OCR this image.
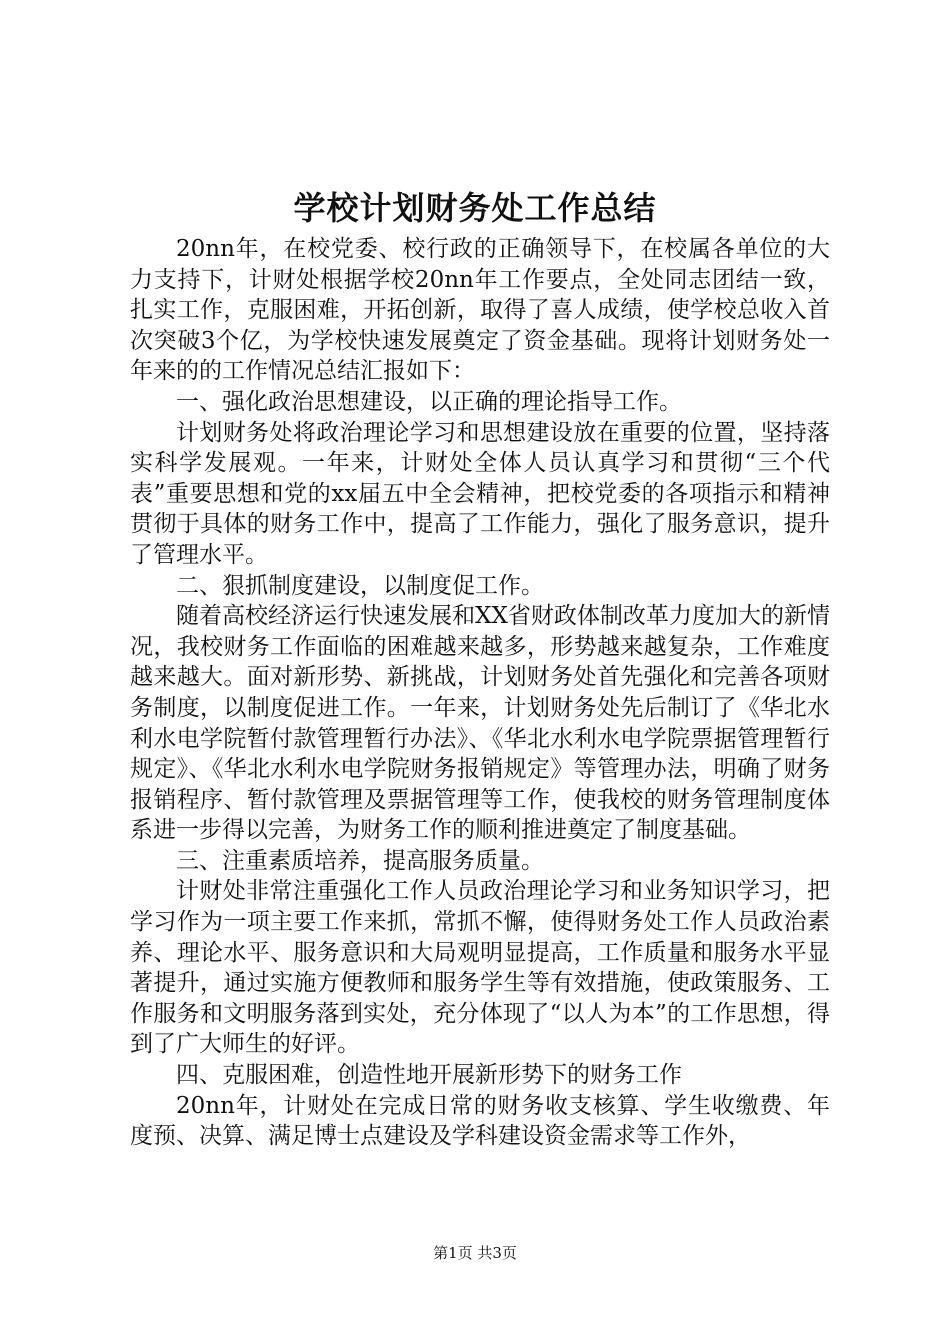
学校计划财务处工作总结

20nn年，在校党委、校行政的正确领导下，在校属各单位的大力支持下，计财处根据学校20nn年工作要点，全处同志团结一致，扎实工作，克服困难，开拓创新，取得了喜人成绩，使学校总收入首次突破3个亿，为学校快速发展奠定了资金基础。现将计划财务处一年来的的工作情况总结汇报如下：

一、强化政治思想建设，以正确的理论指导工作。

计划财务处将政治理论学习和思想建设放在重要的位置，坚持落实科学发展观。一年来，计财处全体人员认真学习和贯彻“三个代表”重要思想和党的xx届五中全会精神，把校党委的各项指示和精神贯彻于具体的财务工作中，提高了工作能力，强化了服务意识，提升了管理水平。

二、狠抓制度建设，以制度促工作。

随着高校经济运行快速发展和XX省财政体制改革力度加大的新情况，我校财务工作面临的困难越来越多，形势越来越复杂，工作难度越来越大。面对新形势、新挑战，计划财务处首先强化和完善各项财务制度，以制度促进工作。一年来，计划财务处先后制订了《华北水利水电学院暂付款管理暂行办法》、《华北水利水电学院票据管理暂行规定》、《华北水利水电学院财务报销规定》等管理办法，明确了财务报销程序、暂付款管理及票据管理等工作，使我校的财务管理制度体系进一步得以完善，为财务工作的顺利推进奠定了制度基础。

三、注重素质培养，提高服务质量。

计财处非常注重强化工作人员政治理论学习和业务知识学习，把学习作为一项主要工作来抓，常抓不懈，使得财务处工作人员政治素养、理论水平、服务意识和大局观明显提高，工作质量和服务水平显著提升，通过实施方便教师和服务学生等有效措施，使政策服务、工作服务和文明服务落到实处，充分体现了“以人为本”的工作思想，得到了广大师生的好评。

四、克服困难，创造性地开展新形势下的财务工作

20nn年，计财处在完成日常的财务收支核算、学生收缴费、年度预、决算、满足博士点建设及学科建设资金需求等工作外，

第1页 共3页
